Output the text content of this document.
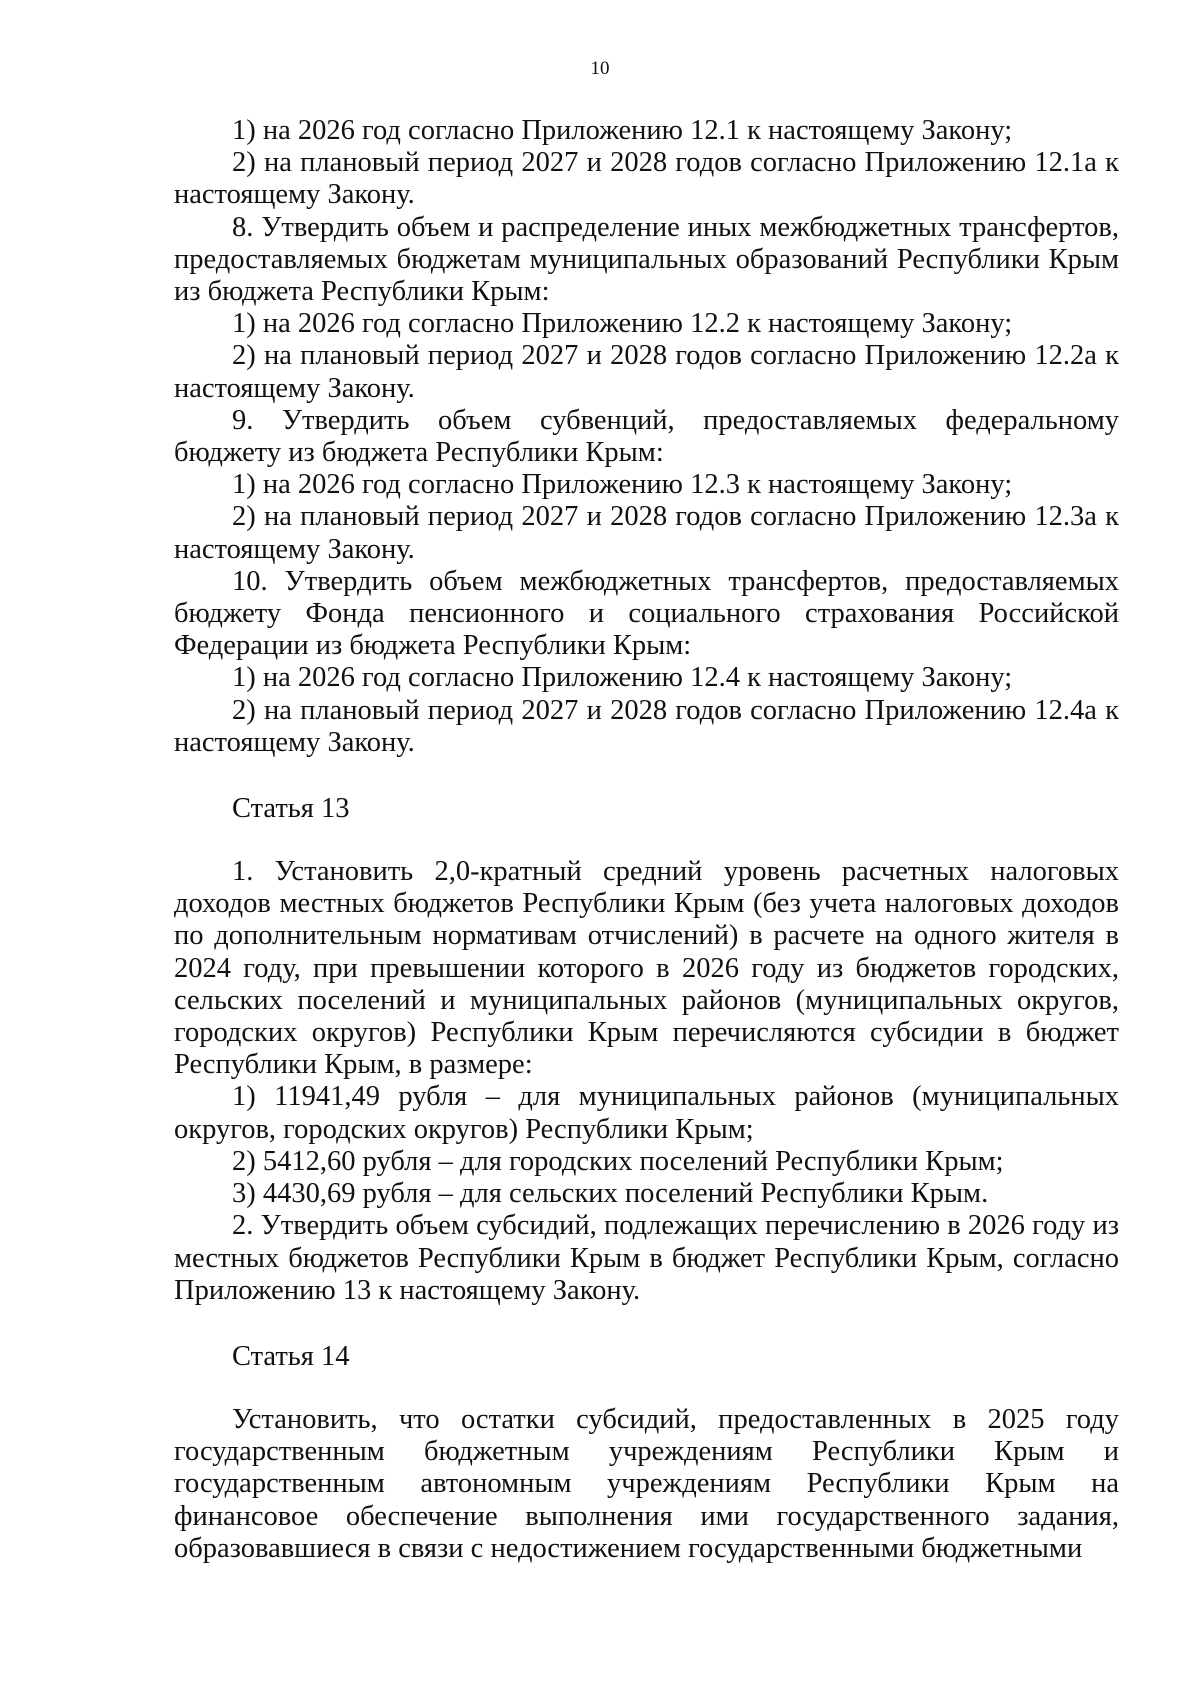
10

1) на 2026 год согласно Приложению 12.1 к настоящему Закону;

2) на плановый период 2027 и 2028 годов согласно Приложению 12.1а к настоящему Закону.

8. Утвердить объем и распределение иных межбюджетных трансфертов, предоставляемых бюджетам муниципальных образований Республики Крым из бюджета Республики Крым:

1) на 2026 год согласно Приложению 12.2 к настоящему Закону;

2) на плановый период 2027 и 2028 годов согласно Приложению 12.2а к настоящему Закону.

9. Утвердить объем субвенций, предоставляемых федеральному бюджету из бюджета Республики Крым:

1) на 2026 год согласно Приложению 12.3 к настоящему Закону;

2) на плановый период 2027 и 2028 годов согласно Приложению 12.3а к настоящему Закону.

10. Утвердить объем межбюджетных трансфертов, предоставляемых бюджету Фонда пенсионного и социального страхования Российской Федерации из бюджета Республики Крым:

1) на 2026 год согласно Приложению 12.4 к настоящему Закону;

2) на плановый период 2027 и 2028 годов согласно Приложению 12.4а к настоящему Закону.

Статья 13

1. Установить 2,0-кратный средний уровень расчетных налоговых доходов местных бюджетов Республики Крым (без учета налоговых доходов по дополнительным нормативам отчислений) в расчете на одного жителя в 2024 году, при превышении которого в 2026 году из бюджетов городских, сельских поселений и муниципальных районов (муниципальных округов, городских округов) Республики Крым перечисляются субсидии в бюджет Республики Крым, в размере:

1) 11941,49 рубля – для муниципальных районов (муниципальных округов, городских округов) Республики Крым;

2) 5412,60 рубля – для городских поселений Республики Крым;

3) 4430,69 рубля – для сельских поселений Республики Крым.

2. Утвердить объем субсидий, подлежащих перечислению в 2026 году из местных бюджетов Республики Крым в бюджет Республики Крым, согласно Приложению 13 к настоящему Закону.

Статья 14

Установить, что остатки субсидий, предоставленных в 2025 году государственным бюджетным учреждениям Республики Крым и государственным автономным учреждениям Республики Крым на финансовое обеспечение выполнения ими государственного задания, образовавшиеся в связи с недостижением государственными бюджетными
